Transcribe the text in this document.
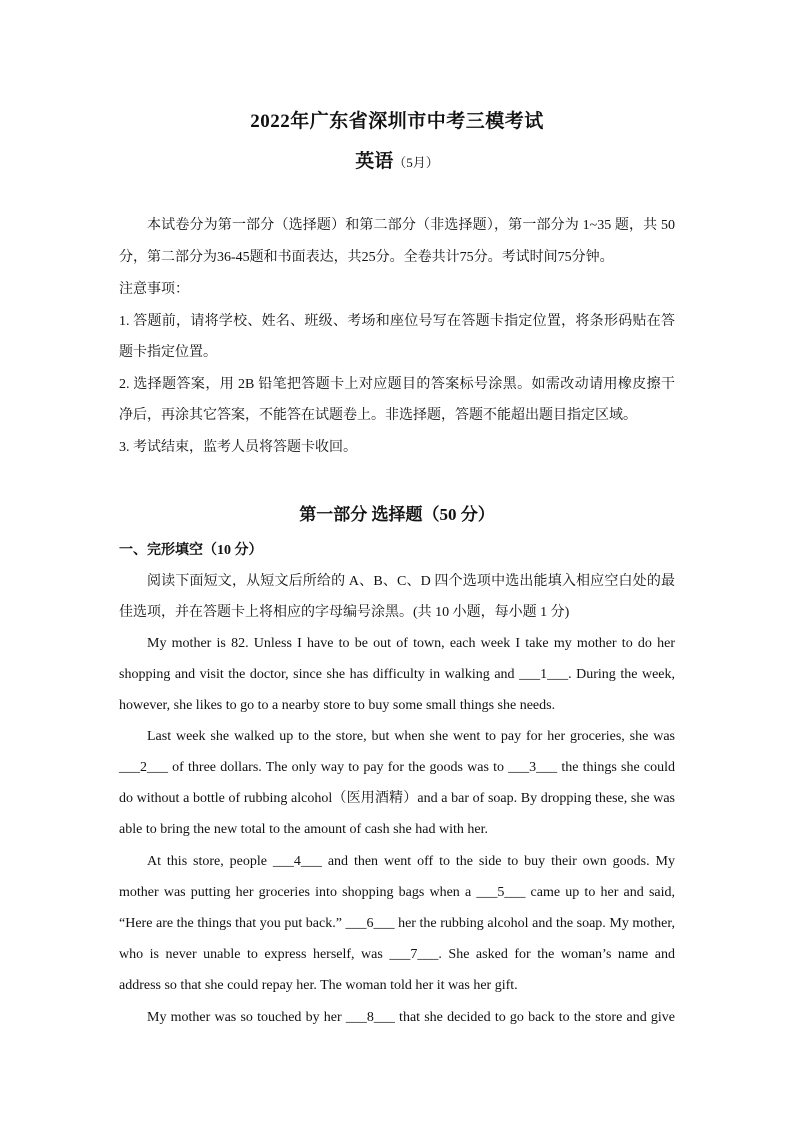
2022年广东省深圳市中考三模考试
英语（5月）
本试卷分为第一部分（选择题）和第二部分（非选择题），第一部分为 1~35 题，共 50
分，第二部分为36-45题和书面表达，共25分。全卷共计75分。考试时间75分钟。
注意事项：
1. 答题前，请将学校、姓名、班级、考场和座位号写在答题卡指定位置，将条形码贴在答
题卡指定位置。
2. 选择题答案，用 2B 铅笔把答题卡上对应题目的答案标号涂黑。如需改动请用橡皮擦干
净后，再涂其它答案，不能答在试题卷上。非选择题，答题不能超出题目指定区域。
3. 考试结束，监考人员将答题卡收回。
第一部分 选择题（50 分）
一、完形填空（10 分）
阅读下面短文，从短文后所给的 A、B、C、D 四个选项中选出能填入相应空白处的最
佳选项，并在答题卡上将相应的字母编号涂黑。(共 10 小题，每小题 1 分)
My mother is 82. Unless I have to be out of town, each week I take my mother to do her
shopping and visit the doctor, since she has difficulty in walking and ___1___. During the week,
however, she likes to go to a nearby store to buy some small things she needs.
Last week she walked up to the store, but when she went to pay for her groceries, she was
___2___ of three dollars. The only way to pay for the goods was to ___3___ the things she could
do without a bottle of rubbing alcohol（医用酒精）and a bar of soap. By dropping these, she was
able to bring the new total to the amount of cash she had with her.
At this store, people ___4___ and then went off to the side to buy their own goods. My
mother was putting her groceries into shopping bags when a ___5___ came up to her and said,
“Here are the things that you put back.” ___6___ her the rubbing alcohol and the soap. My mother,
who is never unable to express herself, was ___7___. She asked for the woman’s name and
address so that she could repay her. The woman told her it was her gift.
My mother was so touched by her ___8___ that she decided to go back to the store and give
